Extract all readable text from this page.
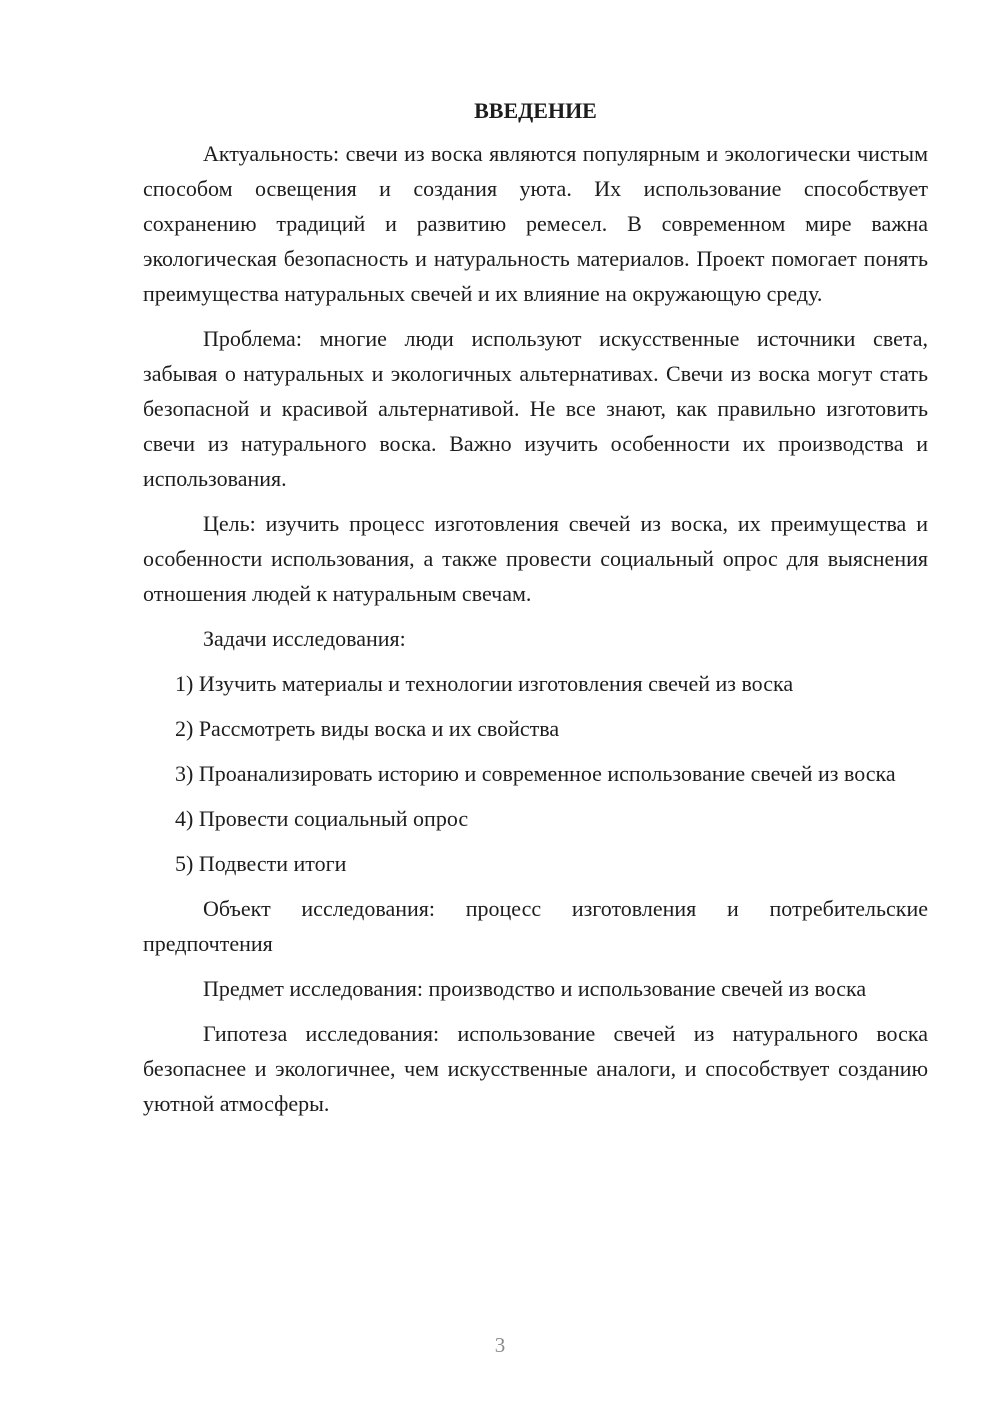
ВВЕДЕНИЕ

Актуальность: свечи из воска являются популярным и экологически чистым способом освещения и создания уюта. Их использование способствует сохранению традиций и развитию ремесел. В современном мире важна экологическая безопасность и натуральность материалов. Проект помогает понять преимущества натуральных свечей и их влияние на окружающую среду.

Проблема: многие люди используют искусственные источники света, забывая о натуральных и экологичных альтернативах. Свечи из воска могут стать безопасной и красивой альтернативой. Не все знают, как правильно изготовить свечи из натурального воска. Важно изучить особенности их производства и использования.

Цель: изучить процесс изготовления свечей из воска, их преимущества и особенности использования, а также провести социальный опрос для выяснения отношения людей к натуральным свечам.

Задачи исследования:

1) Изучить материалы и технологии изготовления свечей из воска

2) Рассмотреть виды воска и их свойства

3) Проанализировать историю и современное использование свечей из воска

4) Провести социальный опрос

5) Подвести итоги

Объект исследования: процесс изготовления и потребительские предпочтения

Предмет исследования: производство и использование свечей из воска

Гипотеза исследования: использование свечей из натурального воска безопаснее и экологичнее, чем искусственные аналоги, и способствует созданию уютной атмосферы.

3
